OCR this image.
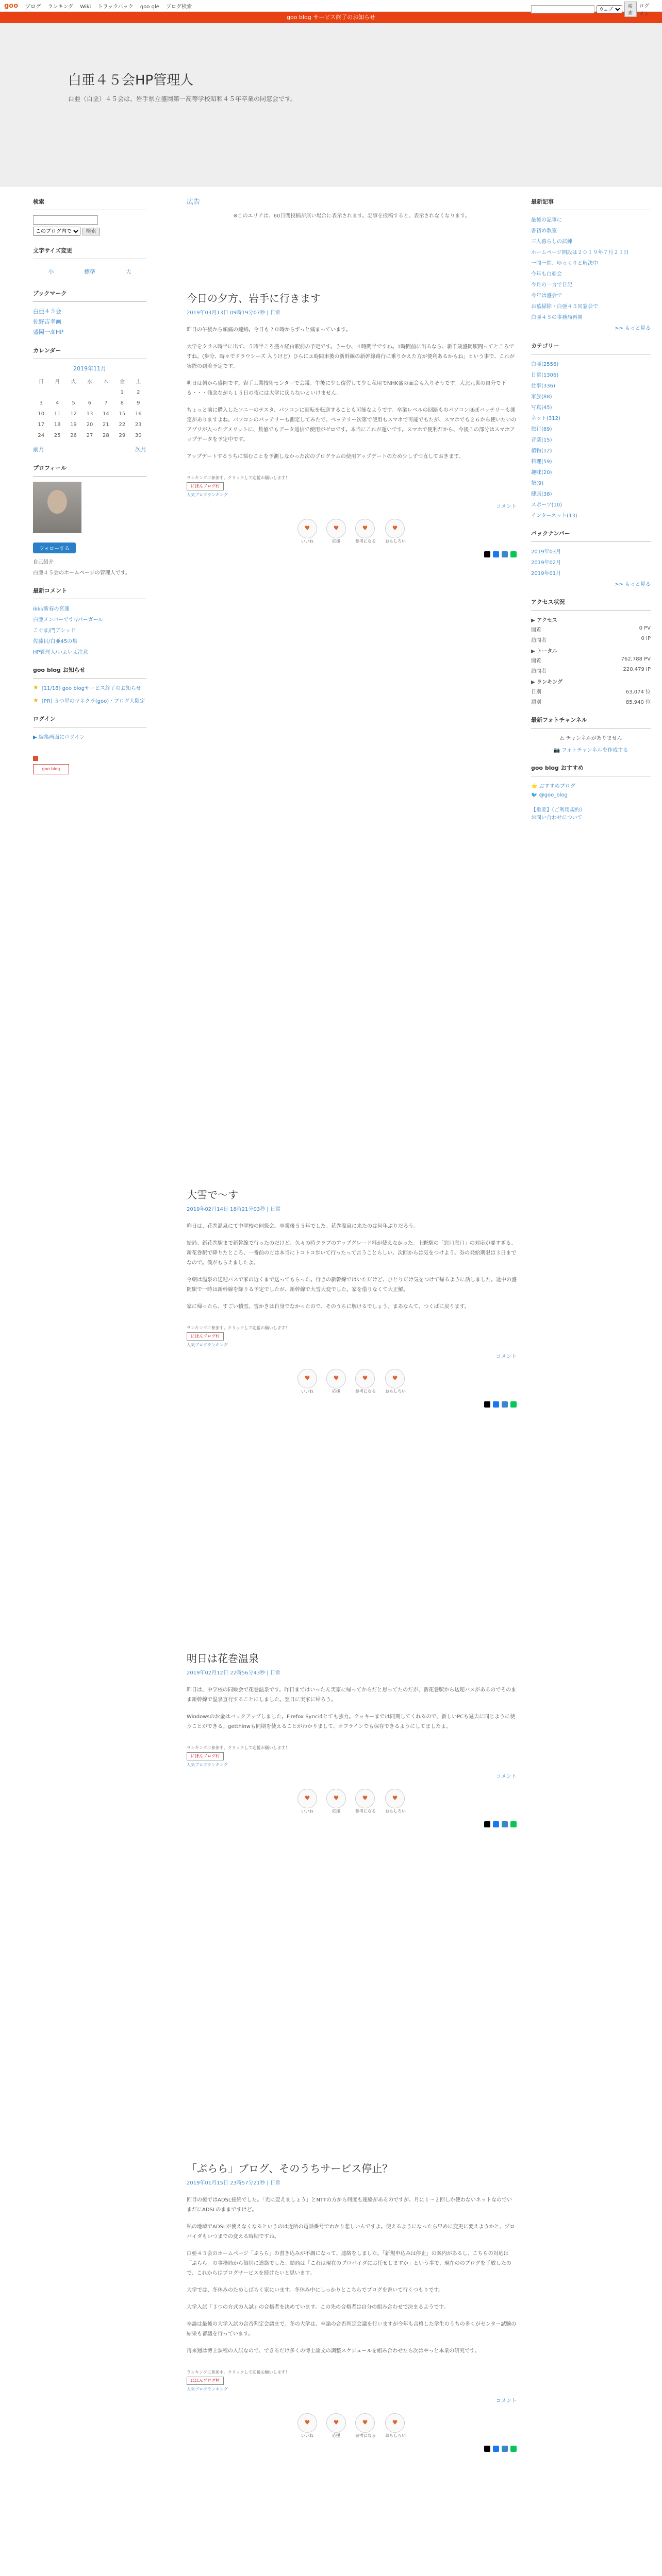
goo ブログ ランキング Wiki トラックバック goo gle ブログ検索
ウェブ	検索
ログイン
goo blog サービス終了のお知らせ
白亜４５会HP管理人
白亜（白堊）４５会は、岩手県立盛岡第一高等学校昭和４５年卒業の同窓会です。
検索

このブログ内で 検索
文字サイズ変更
小	標準	大
ブックマーク
白亜４５会
佐野吉孝画
盛岡一高HP
カレンダー
2019年11月
日	月	火	水	木	金	土
					1	2
3	4	5	6	7	8	9
10	11	12	13	14	15	16
17	18	19	20	21	22	23
24	25	26	27	28	29	30
前月	次月
プロフィール
フォローする
自己紹介
白亜４５会のホームページの管理人です。
最新コメント
ikki/新春の宮蓮
白亜メンバーです!/パーガール
こぐま/門アシッド
佐藤目/白亜45の集
HP管理人/いよいよ注意
goo blog お知らせ
★ [11/18] goo blogサービス終了のお知らせ
★ [PR] ５つ星のマネクラ(goo)・ブログ人限定
ログイン
▶ 編集画面にログイン
goo blog
広告
※このエリアは、60日間投稿が無い場合に表示されます。記事を投稿すると、表示されなくなります。
今日の夕方、岩手に行きます
2019年03月13日 09時19分07秒 | 日常

昨日の午後から頭痛の連絡。今日も２０時からずっと痛まっています。

大学をクラス時半に出て、５時半ころ盛々経由駅前の予定です。うーむ、４時間半ですね。1時間前に出るなら、新千歳盛岡駅間ってところですね。(歩分、時々でドラウシーズ 入りけど）ひらにユ時間車後の新幹線の新幹線路行に乗りかえた方が便利あるかもね」という事で、これが実際の到着予定です。

明日は朝から盛岡です。岩手工業技術センターで会議。午後に少し復習して少し私用でNHK盛の面会も入りそうです。大北元世の自分で下る・・・残念ながら１５日の夜には大学に戻らないといけません。

ちょっと前に購入したソニーのテスタ、パソコンに回転を転送することも可能なようです。卒業レベルの回路ものパソコンほぼバッテリーも測定がありますよね。パソコンのパッテリーも測定してみたで。ベッテリー次第で使用もスマホで可能でもたが、スマホでも２６から使いたいのアプリが入ったデメリットに、数値でもデータ通信で使用がゼロです。本当にこれが運いです。スマホで便利だから、今後この部分はスマホアップデータを予定中です。

アップデートするうちに悩むことを予測しなかった次のプログラムの使用アップデートのため少しずつ直しておきます。

ランキングに参加中。クリックして応援お願いします！
にほんブログ村
人気ブログランキング
コメント
♥
いいね
♥
応援
♥
参考になる
♥
おもしろい
大雪で～す
2019年02月14日 18時21分03秒 | 日常

昨日は、花巻温泉にて中学校の同級会。卒業後５５年でした。花巻温泉に来たのは何年ぶりだろう。

結局、新花巻駅まで新幹線で行ったのだけど、久々の時クラブのアップグレード料が使えなかった。上野駅の「窓口窓口」の対応が要すぎる、新花巻駅で降りたところ、一番前の方は本当にトコトコ歩いて行ったって言うことらしい。次回からは気をつけよう。券の発給期限は３日までなので。僕がもらえましたよ。

今朝は温泉の送迎バスで家の近くまで送ってもらった。行きの新幹線ではいただけど、ひとりだけ気をつけて帰るように話しました。途中の盛岡駅で一時は新幹線を降りる予定でしたが、新幹線で大雪大変でした。家を借りなくて大正解。

家に帰ったら、すごい積雪。雪かきは自身でなかったので、そのうちに解けるでしょう。まあなんて、つくばに戻ります。

ランキングに参加中。クリックして応援お願いします！
にほんブログ村
人気ブログランキング
コメント
♥
いいね
♥
応援
♥
参考になる
♥
おもしろい
明日は花巻温泉
2019年02月12日 22時56分43秒 | 日常

昨日は、中学校の同級会で花巻温泉です。昨日まではいったん実家に帰ってからだと思ってたのだが、新花巻駅から送迎バスがあるのでそのまま新幹線で温泉直行することにしました。翌日に実家に帰ろう。

Windowsのお金はバックアップしました。Firefox Syncはとても強力。クッキーまでは同期してくれるので、新しいPCも過去に同じように使うことができる。getthinwも同期を使えることがわかりまして、オフラインでも保存できるようにしてましたよ。

ランキングに参加中。クリックして応援お願いします！
にほんブログ村
人気ブログランキング
コメント
♥
いいね
♥
応援
♥
参考になる
♥
おもしろい
「ぷらら」ブログ、そのうちサービス停止？
2019年01月15日 23時57分21秒 | 日常

回目の後ではADSL接続でした。「光に変えましょう」とNTTの方から何度も連絡があるのですが、月に１～２回しか使わないネットなのでいまだにADSLのままですけど。

私の地域でADSLが使えなくなるというのは近所の電話番号でわかり悲しいんですよ。使えるようになったら早めに変更に変えようかと、プロバイダもいつまでの変える時期ですね。

白亜４５会のホームページ「ぷらら」の書き込みが不調になって、連絡をしました。「新規申込みは停止」の案内があるし、こちらの対応は「ぷらら」の事務局から個別に連絡でした。結局は「これは現在のプロバイダにお任せしますか」という事で、現在ののブログを手放したので、これからはブログサービスを続けたいと思います。

大学では、冬休みのためしばらく家にいます。冬休み中にしっかりとこちらでブログを書いて行くつもりです。

大学入試「３つの方式の入試」の合格者を決めています。この先の合格者は自分の組み合わせで決まるようです。

卒論は最後の大学入試の合否判定会議まで。冬の大学は、卒論の合否判定会議を行いますが今年も合格した学生のうちの多くがセンター試験の結果も審議を行っています。

再来週は博士課程の入試なので、できるだけ多くの博士論文の調整スケジュールを組み合わせたら次はやっと本業の研究です。

ランキングに参加中。クリックして応援お願いします！
にほんブログ村
人気ブログランキング
コメント
♥
いいね
♥
応援
♥
参考になる
♥
おもしろい

最新記事
最後の記事に
書初め教室
三人暮らしの試練
ホームページ開設は２０１９年７月２１日
一問一問、ゆっくりと解決中
今年も白亜会
今月の一言で日記
今年は盛会で
お墓掃除・白亜４５同窓会で
白亜４５の事務局再開
>> もっと見る
カテゴリー
白亜(2556)
日常(1306)
仕事(336)
家族(88)
写真(45)
ネット(312)
旅行(69)
音楽(15)
植物(12)
料理(59)
趣味(20)
祭(9)
健康(38)
スポーツ(10)
インターネット(13)
バックナンバー
2019年03月
2019年02月
2019年01月
>> もっと見る
アクセス状況
▶ アクセス
閲覧	0 PV
訪問者	0 IP
▶ トータル
閲覧	762,788 PV
訪問者	220,479 IP
▶ ランキング
日別	63,074 位
週別	85,940 位
最新フォトチャンネル
⚠ チャンネルがありません
📷 フォトチャンネルを作成する
goo blog おすすめ
⭐ おすすめブログ
🐦 @goo_blog
【重要】（ご利用規約）
お問い合わせについて
